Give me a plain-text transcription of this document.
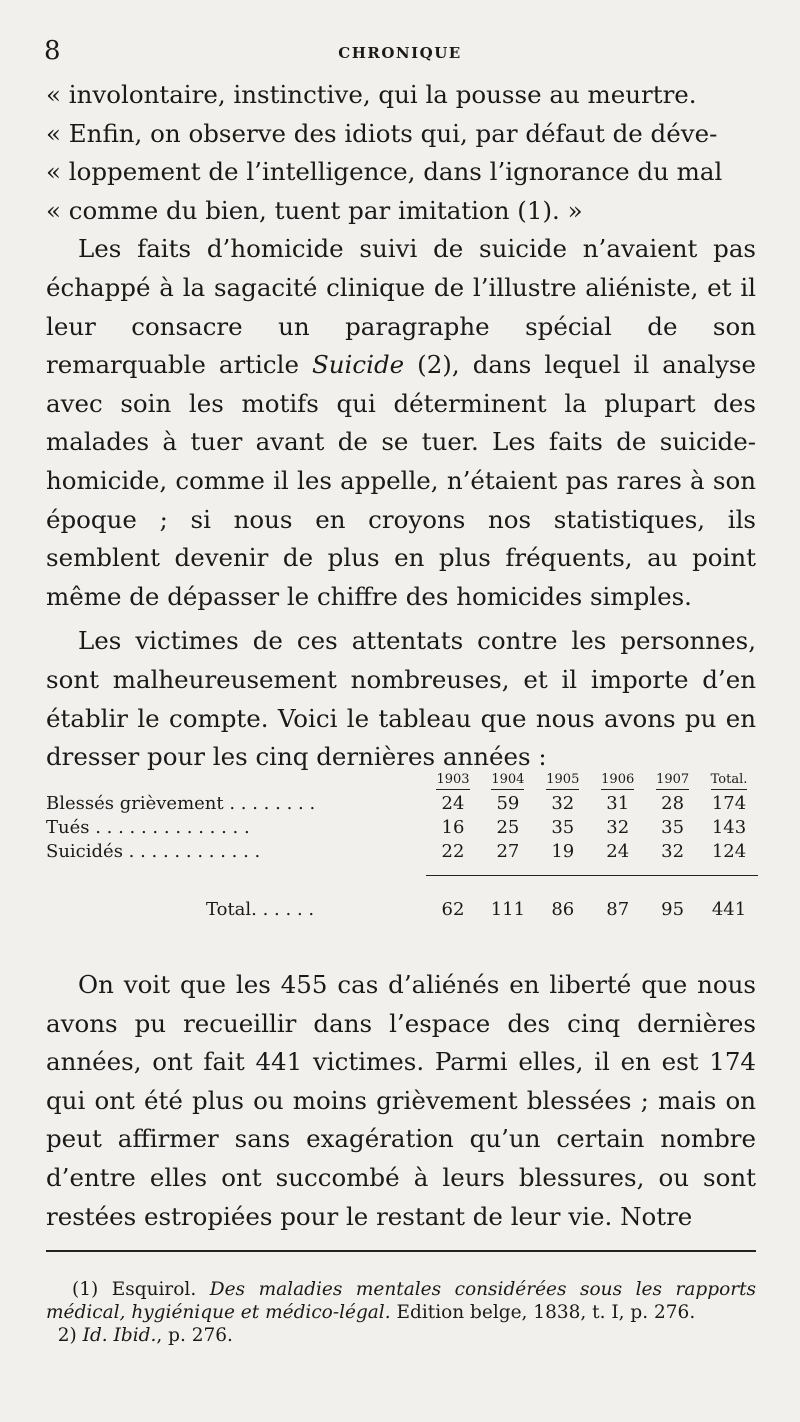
8	CHRONIQUE

« involontaire, instinctive, qui la pousse au meurtre.

« Enfin, on observe des idiots qui, par défaut de déve-

« loppement de l’intelligence, dans l’ignorance du mal

« comme du bien, tuent par imitation (1). »

Les faits d’homicide suivi de suicide n’avaient pas échappé à la sagacité clinique de l’illustre aliéniste, et il leur consacre un paragraphe spécial de son remarquable article Suicide (2), dans lequel il analyse avec soin les motifs qui déterminent la plupart des malades à tuer avant de se tuer. Les faits de suicide-homicide, comme il les appelle, n’étaient pas rares à son époque ; si nous en croyons nos statistiques, ils semblent devenir de plus en plus fréquents, au point même de dépasser le chiffre des homicides simples.

Les victimes de ces attentats contre les personnes, sont malheureusement nombreuses, et il importe d’en établir le compte. Voici le tableau que nous avons pu en dresser pour les cinq dernières années :

	1903	1904	1905	1906	1907	Total.
Blessés grièvement . . . . . . . .	24	59	32	31	28	174
Tués . . . . . . . . . . . . . .	16	25	35	32	35	143
Suicidés . . . . . . . . . . . .	22	27	19	24	32	124

Total. . . . . .	62	111	86	87	95	441

On voit que les 455 cas d’aliénés en liberté que nous avons pu recueillir dans l’espace des cinq dernières années, ont fait 441 victimes. Parmi elles, il en est 174 qui ont été plus ou moins grièvement blessées ; mais on peut affirmer sans exagération qu’un certain nombre d’entre elles ont succombé à leurs blessures, ou sont restées estropiées pour le restant de leur vie. Notre

(1) Esquirol. Des maladies mentales considérées sous les rapports médical, hygiénique et médico-légal. Edition belge, 1838, t. I, p. 276.

2) Id. Ibid., p. 276.
